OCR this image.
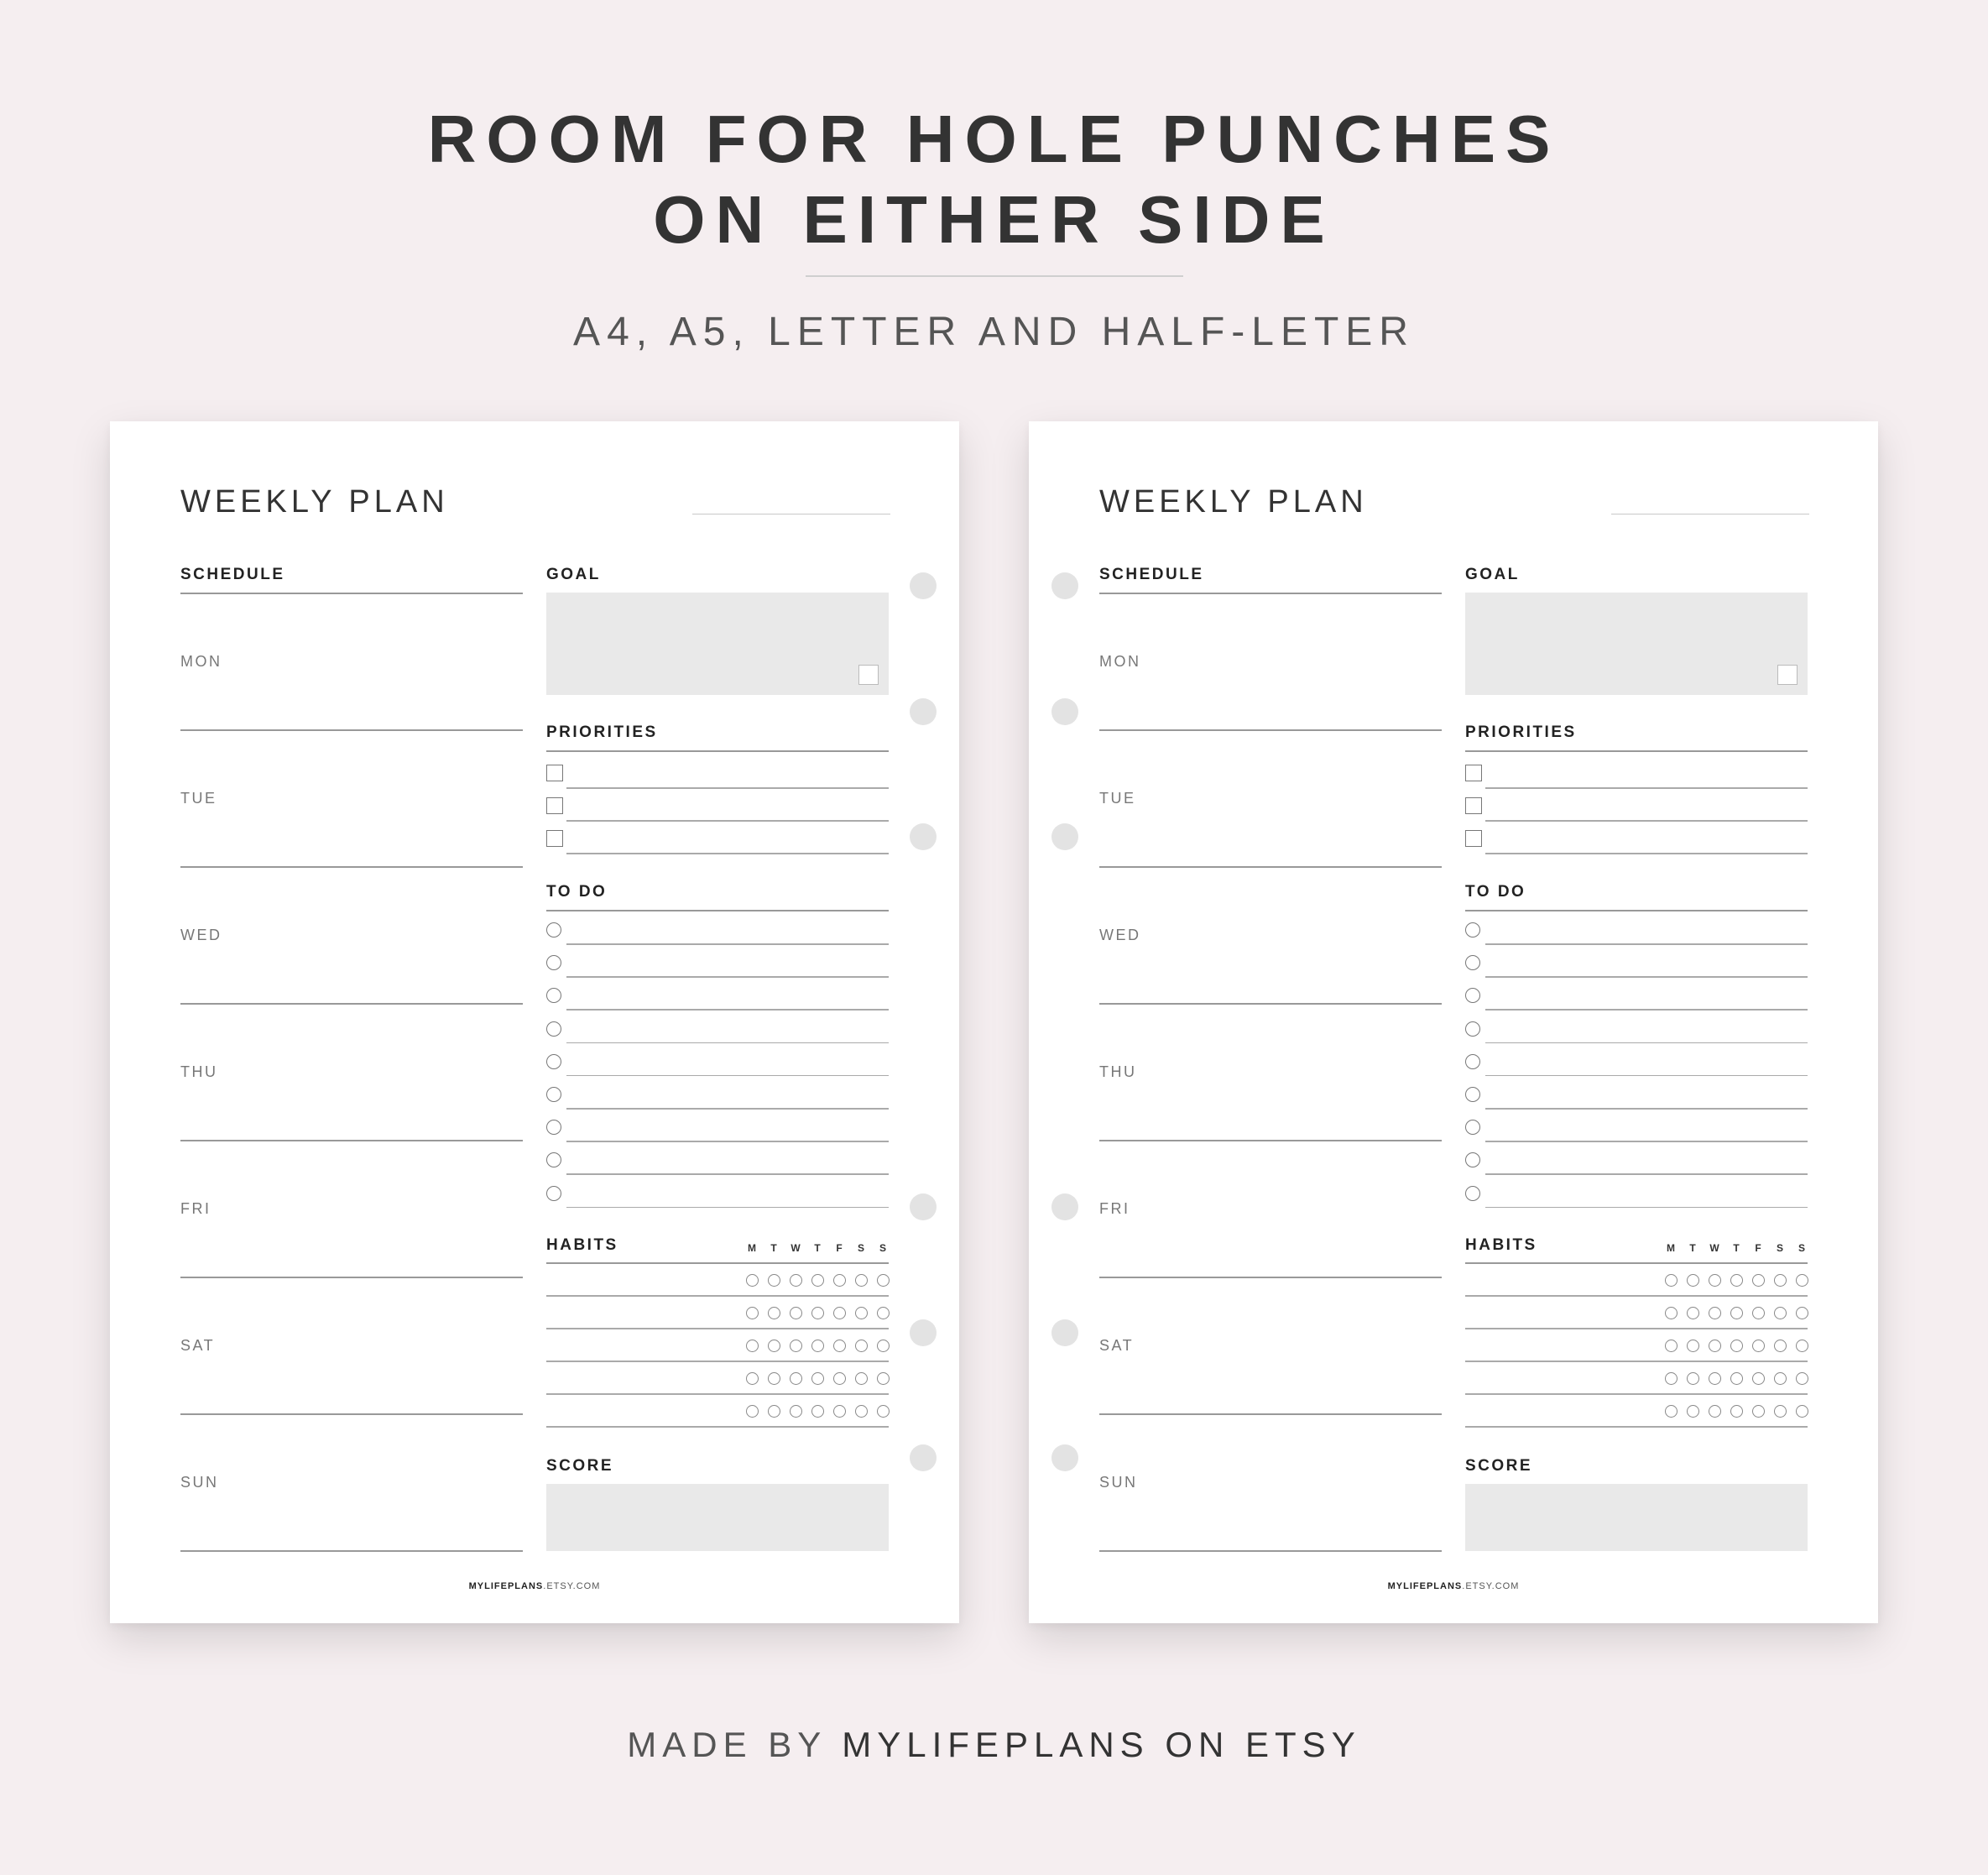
ROOM FOR HOLE PUNCHES
ON EITHER SIDE
A4, A5, LETTER AND HALF-LETER
WEEKLY PLAN
SCHEDULE
MON
TUE
WED
THU
FRI
SAT
SUN
GOAL
PRIORITIES
TO DO
HABITS	M	T	W	T	F	S	S
SCORE
MYLIFEPLANS.ETSY.COM
WEEKLY PLAN
SCHEDULE
MON
TUE
WED
THU
FRI
SAT
SUN
GOAL
PRIORITIES
TO DO
HABITS	M	T	W	T	F	S	S
SCORE
MYLIFEPLANS.ETSY.COM
MADE BY MYLIFEPLANS ON ETSY
